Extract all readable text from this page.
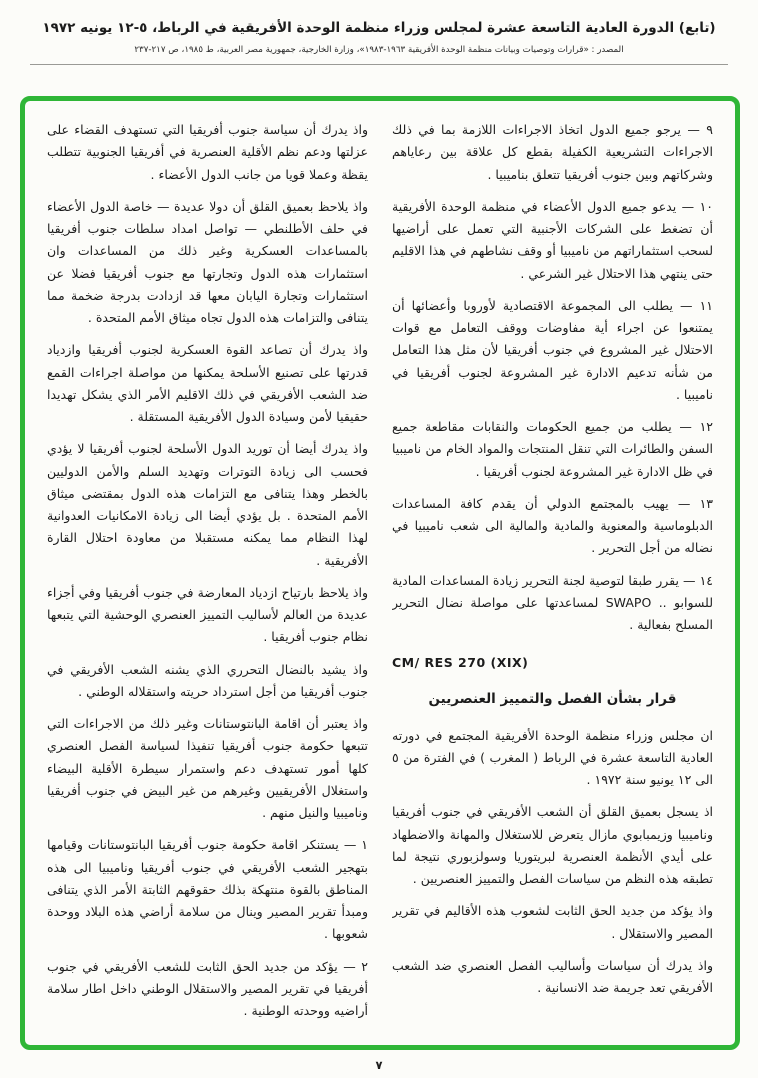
(تابع) الدورة العادية التاسعة عشرة لمجلس وزراء منظمة الوحدة الأفريقية في الرباط، ٥-١٢ يونيه ١٩٧٢
المصدر : «قرارات وتوصيات وبيانات منظمة الوحدة الأفريقية ١٩٦٣-١٩٨٣»، وزارة الخارجية، جمهورية مصر العربية، ط ١٩٨٥، ص ٢١٧-٢٣٧
٩ — يرجو جميع الدول اتخاذ الاجراءات اللازمة بما في ذلك الاجراءات التشريعية الكفيلة بقطع كل علاقة بين رعاياهم وشركاتهم وبين جنوب أفريقيا تتعلق بناميبيا .
١٠ — يدعو جميع الدول الأعضاء في منظمة الوحدة الأفريقية أن تضغط على الشركات الأجنبية التي تعمل على أراضيها لسحب استثماراتهم من ناميبيا أو وقف نشاطهم في هذا الاقليم حتى ينتهي هذا الاحتلال غير الشرعي .
١١ — يطلب الى المجموعة الاقتصادية لأوروبا وأعضائها أن يمتنعوا عن اجراء أية مفاوضات ووقف التعامل مع قوات الاحتلال غير المشروع في جنوب أفريقيا لأن مثل هذا التعامل من شأنه تدعيم الادارة غير المشروعة لجنوب أفريقيا في ناميبيا .
١٢ — يطلب من جميع الحكومات والنقابات مقاطعة جميع السفن والطائرات التي تنقل المنتجات والمواد الخام من ناميبيا في ظل الادارة غير المشروعة لجنوب أفريقيا .
١٣ — يهيب بالمجتمع الدولي أن يقدم كافة المساعدات الدبلوماسية والمعنوية والمادية والمالية الى شعب ناميبيا في نضاله من أجل التحرير .
١٤ — يقرر طبقا لتوصية لجنة التحرير زيادة المساعدات المادية للسوابو .. SWAPO لمساعدتها على مواصلة نضال التحرير المسلح بفعالية .
CM/ RES 270 (XIX)
قرار بشأن الفصل والتمييز العنصريين
ان مجلس وزراء منظمة الوحدة الأفريقية المجتمع في دورته العادية التاسعة عشرة في الرباط ( المغرب ) في الفترة من ٥ الى ١٢ يونيو سنة ١٩٧٢ .
اذ يسجل بعميق القلق أن الشعب الأفريقي في جنوب أفريقيا وناميبيا وزيمبابوي مازال يتعرض للاستغلال والمهانة والاضطهاد على أيدي الأنظمة العنصرية لبريتوريا وسولزبوري نتيجة لما تطبقه هذه النظم من سياسات الفصل والتمييز العنصريين .
واذ يؤكد من جديد الحق الثابت لشعوب هذه الأقاليم في تقرير المصير والاستقلال .
واذ يدرك أن سياسات وأساليب الفصل العنصري ضد الشعب الأفريقي تعد جريمة ضد الانسانية .
واذ يدرك أن سياسة جنوب أفريقيا التي تستهدف القضاء على عزلتها ودعم نظم الأقلية العنصرية في أفريقيا الجنوبية تتطلب يقظة وعملا قويا من جانب الدول الأعضاء .
واذ يلاحظ بعميق القلق أن دولا عديدة — خاصة الدول الأعضاء في حلف الأطلنطي — تواصل امداد سلطات جنوب أفريقيا بالمساعدات العسكرية وغير ذلك من المساعدات وان استثمارات هذه الدول وتجارتها مع جنوب أفريقيا فضلا عن استثمارات وتجارة اليابان معها قد ازدادت بدرجة ضخمة مما يتنافى والتزامات هذه الدول تجاه ميثاق الأمم المتحدة .
واذ يدرك أن تصاعد القوة العسكرية لجنوب أفريقيا وازدياد قدرتها على تصنيع الأسلحة يمكنها من مواصلة اجراءات القمع ضد الشعب الأفريقي في ذلك الاقليم الأمر الذي يشكل تهديدا حقيقيا لأمن وسيادة الدول الأفريقية المستقلة .
واذ يدرك أيضا أن توريد الدول الأسلحة لجنوب أفريقيا لا يؤدي فحسب الى زيادة التوترات وتهديد السلم والأمن الدوليين بالخطر وهذا يتنافى مع التزامات هذه الدول بمقتضى ميثاق الأمم المتحدة . بل يؤدي أيضا الى زيادة الامكانيات العدوانية لهذا النظام مما يمكنه مستقبلا من معاودة احتلال القارة الأفريقية .
واذ يلاحظ بارتياح ازدياد المعارضة في جنوب أفريقيا وفي أجزاء عديدة من العالم لأساليب التمييز العنصري الوحشية التي يتبعها نظام جنوب أفريقيا .
واذ يشيد بالنضال التحرري الذي يشنه الشعب الأفريقي في جنوب أفريقيا من أجل استرداد حريته واستقلاله الوطني .
واذ يعتبر أن اقامة البانتوستانات وغير ذلك من الاجراءات التي تتبعها حكومة جنوب أفريقيا تنفيذا لسياسة الفصل العنصري كلها أمور تستهدف دعم واستمرار سيطرة الأقلية البيضاء واستغلال الأفريقيين وغيرهم من غير البيض في جنوب أفريقيا وناميبيا والنيل منهم .
١ — يستنكر اقامة حكومة جنوب أفريقيا البانتوستانات وقيامها بتهجير الشعب الأفريقي في جنوب أفريقيا وناميبيا الى هذه المناطق بالقوة منتهكة بذلك حقوقهم الثابتة الأمر الذي يتنافى ومبدأ تقرير المصير وينال من سلامة أراضي هذه البلاد ووحدة شعوبها .
٢ — يؤكد من جديد الحق الثابت للشعب الأفريقي في جنوب أفريقيا في تقرير المصير والاستقلال الوطني داخل اطار سلامة أراضيه ووحدته الوطنية .
٧
